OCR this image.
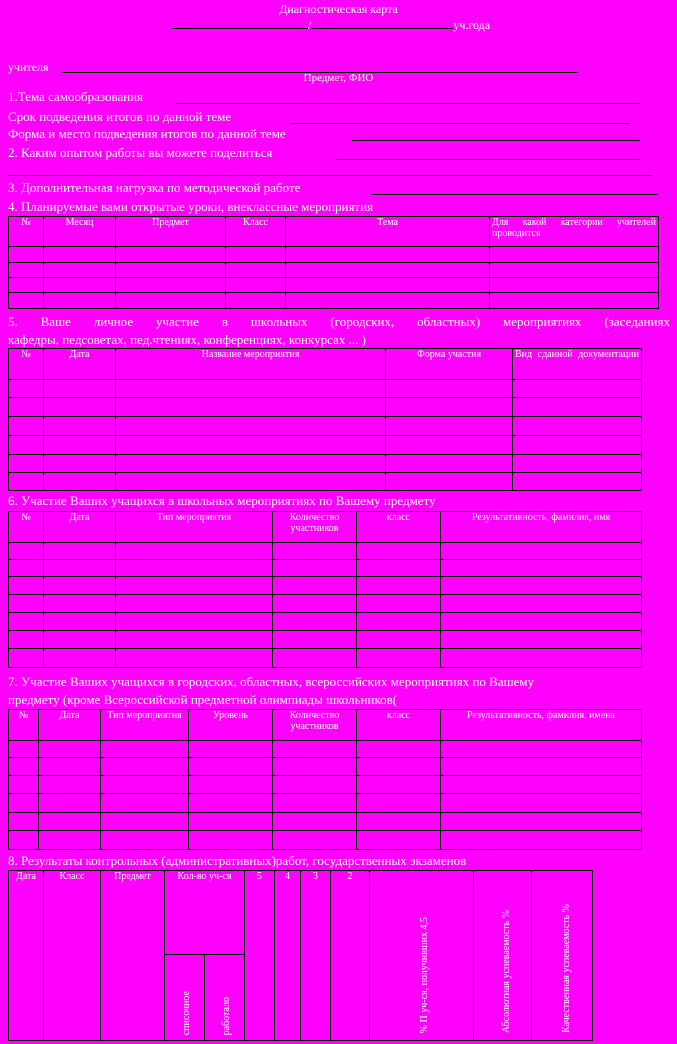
Диагностическая карта
/	уч.года
учителя
Предмет, ФИО
1.Тема самообразования
Срок подведения итогов по данной теме
Форма и место подведения итогов по данной теме
2. Каким опытом работы вы можете поделиться
3. Дополнительная нагрузка по методической работе
4. Планируемые вами открытые уроки, внеклассные мероприятия
№	Месяц	Предмет	Класс	Тема	Для какой категории учителей проводится

5. Ваше личное участие в школьных (городских, областных) мероприятиях (заседаниях
кафедры, педсоветах, пед.чтениях, конференциях, конкурсах ... )
№	Дата	Название мероприятия	Форма участия	Вид сданной документации

6. Участие Ваших учащихся в школьных мероприятиях по Вашему предмету
№	Дата	Тип мероприятия	Количество участников	класс	Результативность, фамилия, имя

7. Участие Ваших учащихся в городских, областных, всероссийских мероприятиях по Вашему
предмету (кроме Всероссийской предметной олимпиады школьников(
№	Дата	Тип мероприятия	Уровень	Количество участников	класс	Результативность, фамилия, имена

8. Результаты контрольных (административных)работ, государственных экзаменов
Дата	Класс	Предмет	Кол-во уч-ся		5	4	3	2	% П уч-ся, получивших 4,5	Абсолютная успеваемость %	Качественная успеваемость %
			списочное	работало							
